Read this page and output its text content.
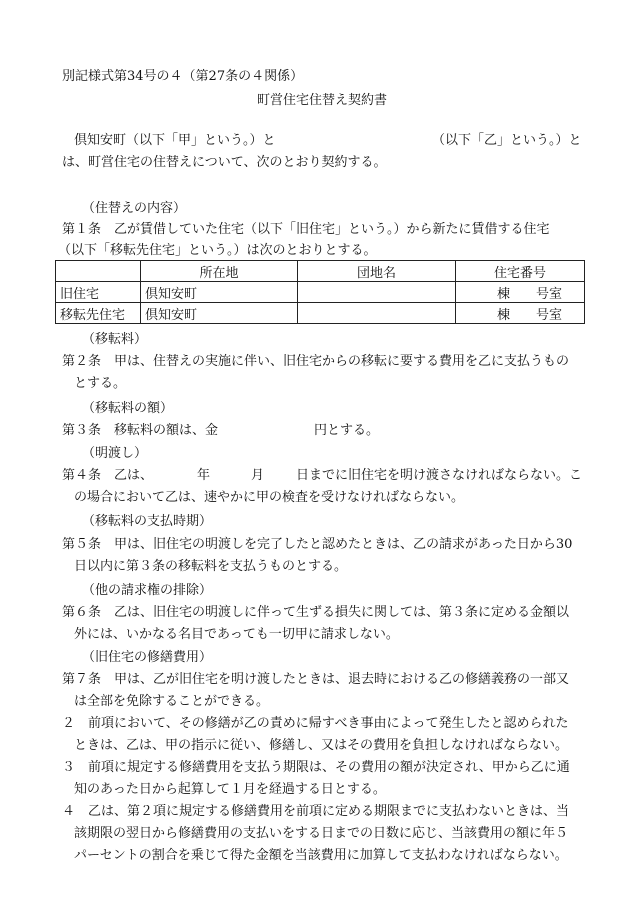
別記様式第34号の４（第27条の４関係）
町営住宅住替え契約書
倶知安町（以下「甲」という。）と	（以下「乙」という。）と
は、町営住宅の住替えについて、次のとおり契約する。
（住替えの内容）
第１条　乙が賃借していた住宅（以下「旧住宅」という。）から新たに賃借する住宅
（以下「移転先住宅」という。）は次のとおりとする。
	所在地	団地名	住宅番号
旧住宅	倶知安町		棟　　号室
移転先住宅	倶知安町		棟　　号室
（移転料）
第２条　甲は、住替えの実施に伴い、旧住宅からの移転に要する費用を乙に支払うもの
とする。
（移転料の額）
第３条　移転料の額は、金	円とする。
（明渡し）
第４条　乙は、	年	月 日までに旧住宅を明け渡さなければならない。こ
の場合において乙は、速やかに甲の検査を受けなければならない。
（移転料の支払時期）
第５条　甲は、旧住宅の明渡しを完了したと認めたときは、乙の請求があった日から30
日以内に第３条の移転料を支払うものとする。
（他の請求権の排除）
第６条　乙は、旧住宅の明渡しに伴って生ずる損失に関しては、第３条に定める金額以
外には、いかなる名目であっても一切甲に請求しない。
（旧住宅の修繕費用）
第７条　甲は、乙が旧住宅を明け渡したときは、退去時における乙の修繕義務の一部又
は全部を免除することができる。
２　前項において、その修繕が乙の責めに帰すべき事由によって発生したと認められた
ときは、乙は、甲の指示に従い、修繕し、又はその費用を負担しなければならない。
３　前項に規定する修繕費用を支払う期限は、その費用の額が決定され、甲から乙に通
知のあった日から起算して１月を経過する日とする。
４　乙は、第２項に規定する修繕費用を前項に定める期限までに支払わないときは、当
該期限の翌日から修繕費用の支払いをする日までの日数に応じ、当該費用の額に年５
パーセントの割合を乗じて得た金額を当該費用に加算して支払わなければならない。
